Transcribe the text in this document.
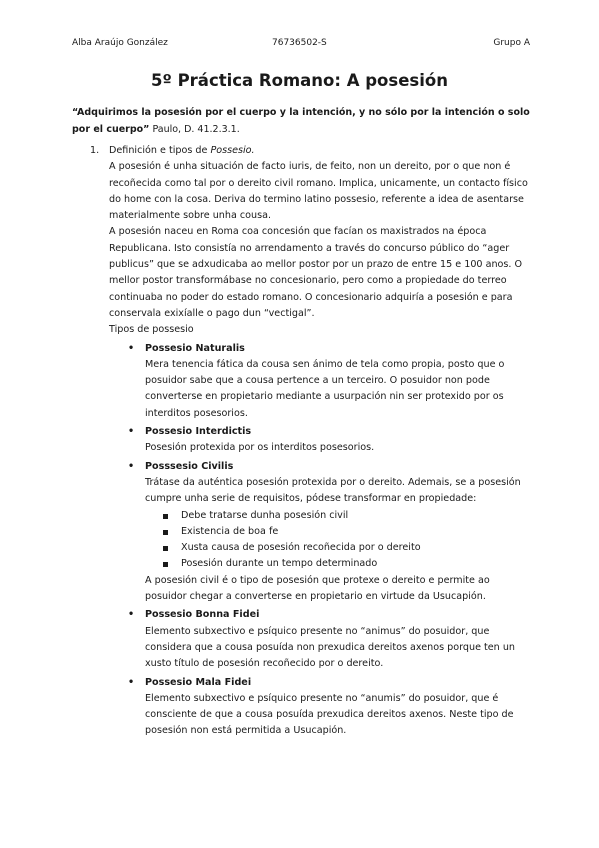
Alba Araújo González	76736502-S	Grupo A
5º Práctica Romano: A posesión
“Adquirimos la posesión por el cuerpo y la intención, y no sólo por la intención o solo por el cuerpo” Paulo, D. 41.2.3.1.
1. Definición e tipos de Possesio.
A posesión é unha situación de facto iuris, de feito, non un dereito, por o que non é recoñecida como tal por o dereito civil romano. Implica, unicamente, un contacto físico do home con la cosa. Deriva do termino latino possesio, referente a idea de asentarse materialmente sobre unha cousa.
A posesión naceu en Roma coa concesión que facían os maxistrados na época Republicana. Isto consistía no arrendamento a través do concurso público do “ager publicus” que se adxudicaba ao mellor postor por un prazo de entre 15 e 100 anos. O mellor postor transformábase no concesionario, pero como a propiedade do terreo continuaba no poder do estado romano. O concesionario adquiría a posesión e para conservala exixíalle o pago dun “vectigal”.
Tipos de possesio
• Possesio Naturalis
Mera tenencia fática da cousa sen ánimo de tela como propia, posto que o posuidor sabe que a cousa pertence a un terceiro. O posuidor non pode converterse en propietario mediante a usurpación nin ser protexido por os interditos posesorios.
• Possesio Interdictis
Posesión protexida por os interditos posesorios.
• Posssesio Civilis
Trátase da auténtica posesión protexida por o dereito. Ademais, se a posesión cumpre unha serie de requisitos, pódese transformar en propiedade:
Debe tratarse dunha posesión civil
Existencia de boa fe
Xusta causa de posesión recoñecida por o dereito
Posesión durante un tempo determinado
A posesión civil é o tipo de posesión que protexe o dereito e permite ao posuidor chegar a converterse en propietario en virtude da Usucapión.
• Possesio Bonna Fidei
Elemento subxectivo e psíquico presente no “animus” do posuidor, que considera que a cousa posuída non prexudica dereitos axenos porque ten un xusto título de posesión recoñecido por o dereito.
• Possesio Mala Fidei
Elemento subxectivo e psíquico presente no “anumis” do posuidor, que é consciente de que a cousa posuída prexudica dereitos axenos. Neste tipo de posesión non está permitida a Usucapión.
